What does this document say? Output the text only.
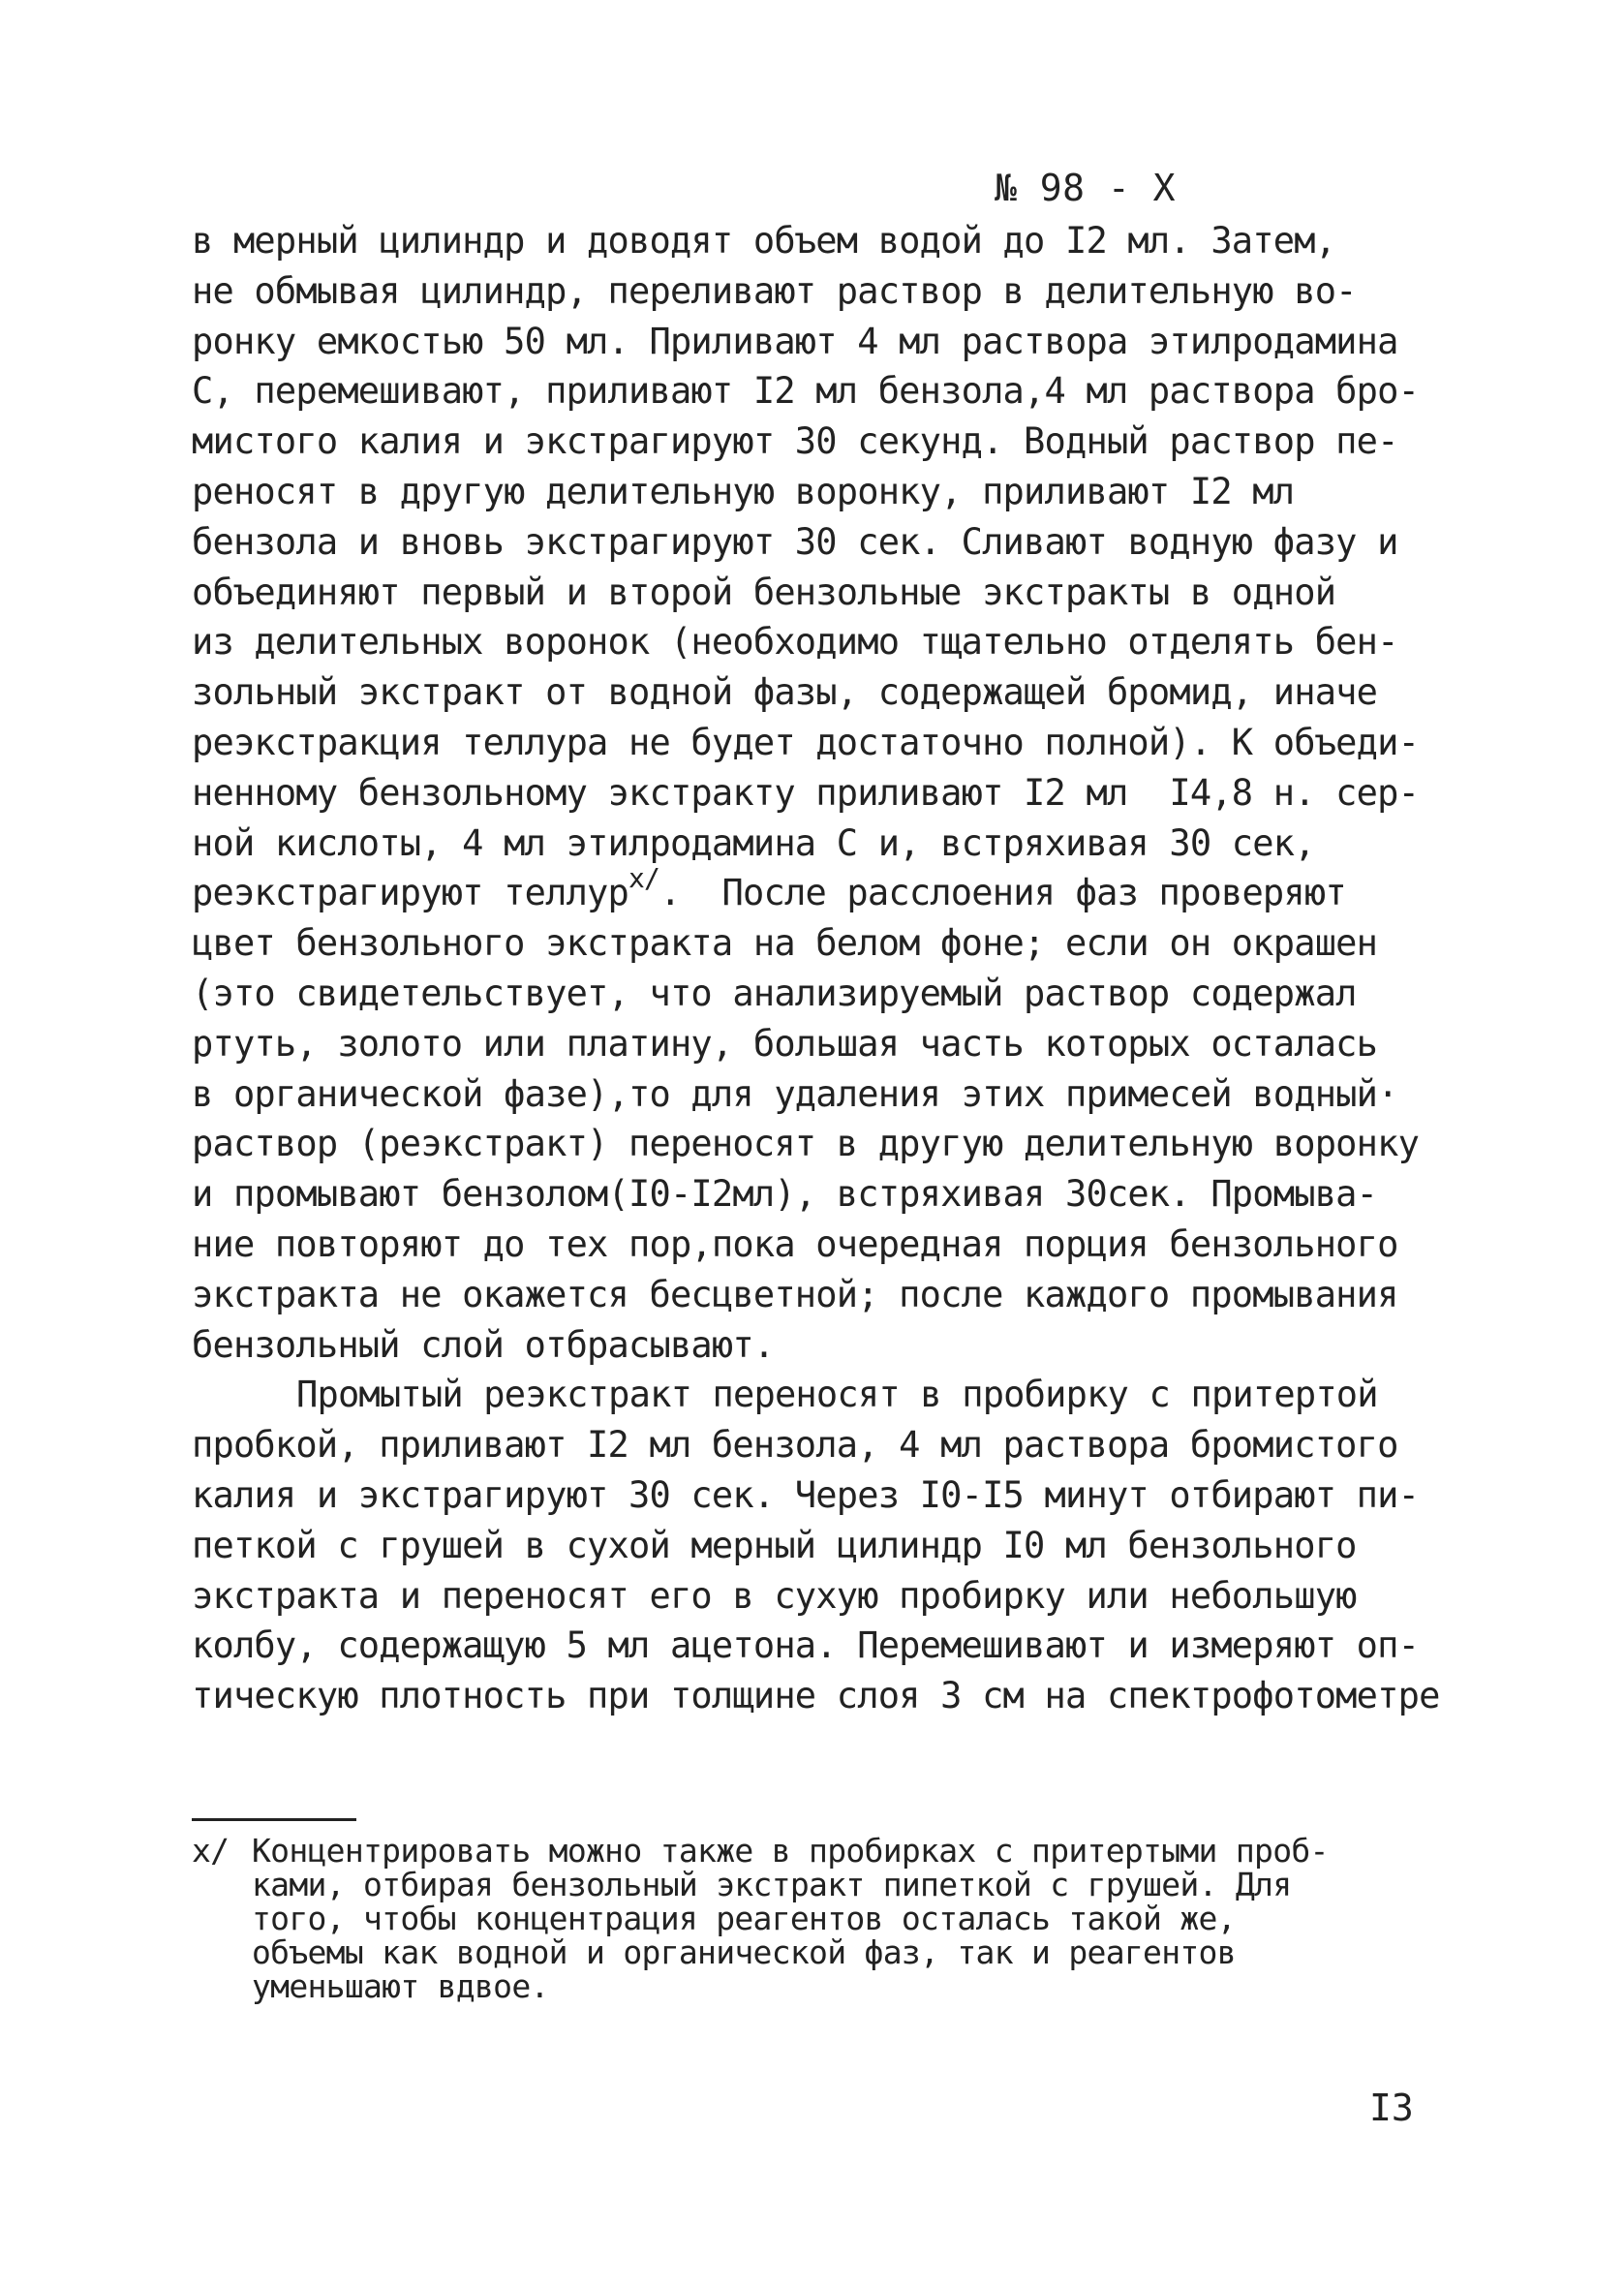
№ 98 - X
в мерный цилиндр и доводят объем водой до I2 мл. Затем,
не обмывая цилиндр, переливают раствор в делительную во-
ронку емкостью 50 мл. Приливают 4 мл раствора этилродамина
С, перемешивают, приливают I2 мл бензола,4 мл раствора бро-
мистого калия и экстрагируют 30 секунд. Водный раствор пе-
реносят в другую делительную воронку, приливают I2 мл
бензола и вновь экстрагируют 30 сек. Сливают водную фазу и
объединяют первый и второй бензольные экстракты в одной
из делительных воронок (необходимо тщательно отделять бен-
зольный экстракт от водной фазы, содержащей бромид, иначе
реэкстракция теллура не будет достаточно полной). К объеди-
ненному бензольному экстракту приливают I2 мл  I4,8 н. сер-
ной кислоты, 4 мл этилродамина С и, встряхивая 30 сек,
реэкстрагируют теллур$^{х/}$.  После расслоения фаз проверяют
цвет бензольного экстракта на белом фоне; если он окрашен
(это свидетельствует, что анализируемый раствор содержал
ртуть, золото или платину, большая часть которых осталась
в органической фазе),то для удаления этих примесей водный·
раствор (реэкстракт) переносят в другую делительную воронку
и промывают бензолом(I0-I2мл), встряхивая 30сек. Промыва-
ние повторяют до тех пор,пока очередная порция бензольного
экстракта не окажется бесцветной; после каждого промывания
бензольный слой отбрасывают.
Промытый реэкстракт переносят в пробирку с притертой
пробкой, приливают I2 мл бензола, 4 мл раствора бромистого
калия и экстрагируют 30 сек. Через I0-I5 минут отбирают пи-
петкой с грушей в сухой мерный цилиндр I0 мл бензольного
экстракта и переносят его в сухую пробирку или небольшую
колбу, содержащую 5 мл ацетона. Перемешивают и измеряют оп-
тическую плотность при толщине слоя 3 см на спектрофотометре
х/ Концентрировать можно также в пробирках с притертыми проб-
ками, отбирая бензольный экстракт пипеткой с грушей. Для
того, чтобы концентрация реагентов осталась такой же,
объемы как водной и органической фаз, так и реагентов
уменьшают вдвое.
I3
